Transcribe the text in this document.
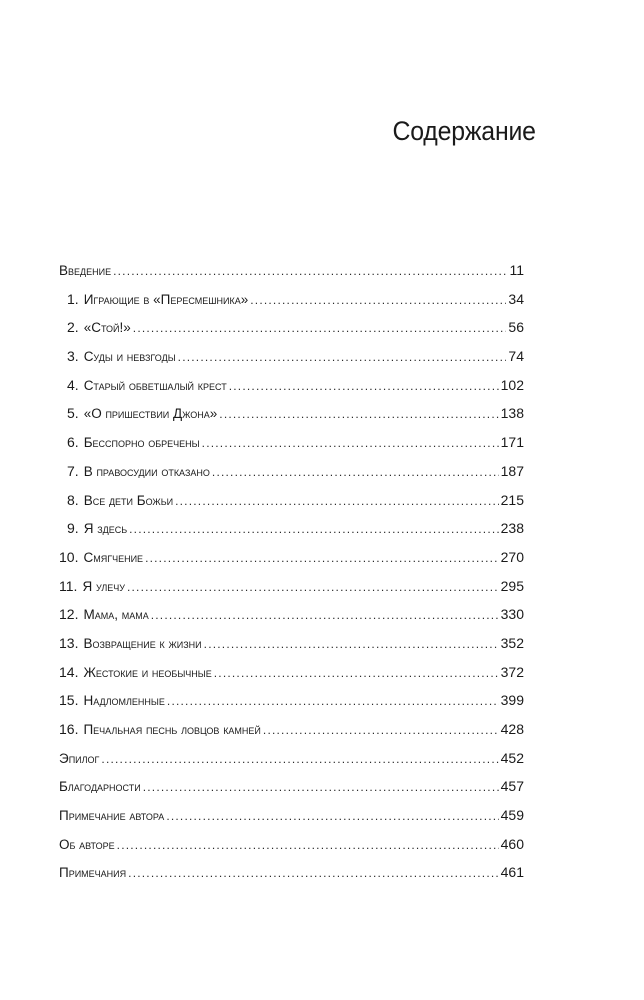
Содержание
Введение .....	11
1. Играющие в «Пересмешника» .....	34
2. «Стой!» .....	56
3. Суды и невзгоды .....	74
4. Старый обветшалый крест .....	102
5. «О пришествии Джона» .....	138
6. Бесспорно обречены .....	171
7. В правосудии отказано .....	187
8. Все дети Божьи .....	215
9. Я здесь .....	238
10. Смягчение .....	270
11. Я улечу .....	295
12. Мама, мама .....	330
13. Возвращение к жизни .....	352
14. Жестокие и необычные .....	372
15. Надломленные .....	399
16. Печальная песнь ловцов камней .....	428
Эпилог .....	452
Благодарности .....	457
Примечание автора .....	459
Об авторе .....	460
Примечания .....	461
